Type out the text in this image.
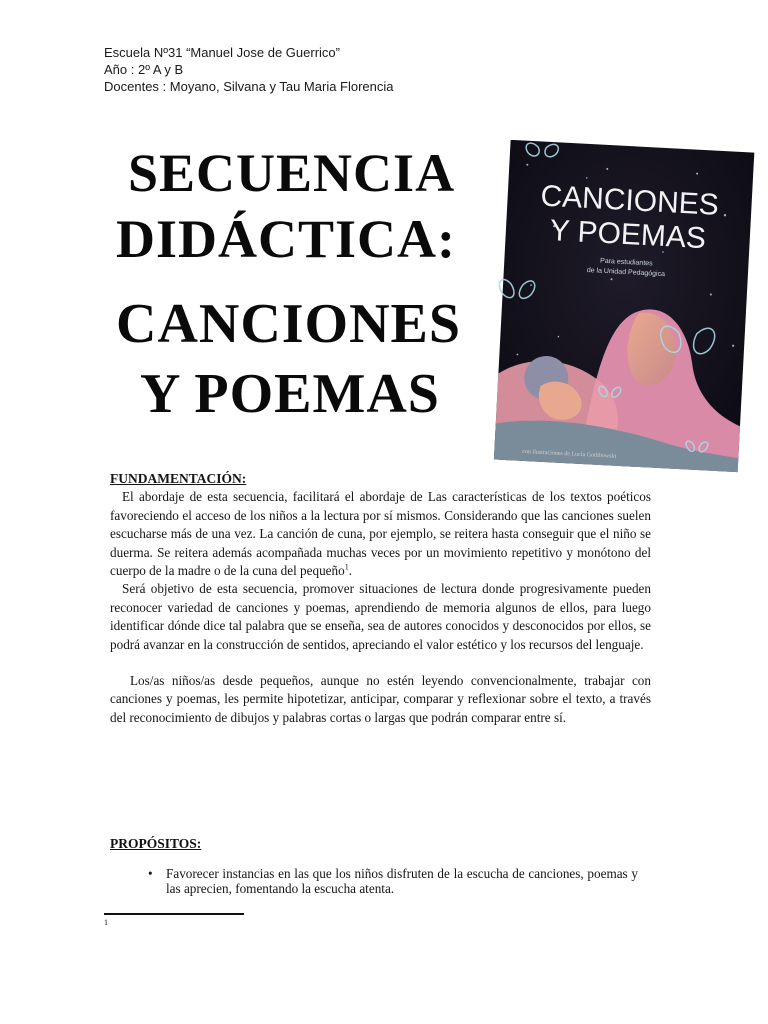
Escuela Nº31 “Manuel Jose de Guerrico”
Año : 2º A y B
Docentes : Moyano, Silvana y Tau Maria Florencia
SECUENCIA
DIDÁCTICA:
CANCIONES
Y POEMAS
CANCIONES
Y POEMAS
Para estudiantes
de la Unidad Pedagógica
con ilustraciones de Lucía Gotlibowski

FUNDAMENTACIÓN:

El abordaje de esta secuencia, facilitará el abordaje de Las características de los textos poéticos favoreciendo el acceso de los niños a la lectura por sí mismos. Considerando que las canciones suelen escucharse más de una vez. La canción de cuna, por ejemplo, se reitera hasta conseguir que el niño se duerma. Se reitera además acompañada muchas veces por un movimiento repetitivo y monótono del cuerpo de la madre o de la cuna del pequeño$^1$.

Será objetivo de esta secuencia, promover situaciones de lectura donde progresivamente pueden reconocer variedad de canciones y poemas, aprendiendo de memoria algunos de ellos, para luego identificar dónde dice tal palabra que se enseña, sea de autores conocidos y desconocidos por ellos, se podrá avanzar en la construcción de sentidos, apreciando el valor estético y los recursos del lenguaje.

Los/as niños/as desde pequeños, aunque no estén leyendo convencionalmente, trabajar con canciones y poemas, les permite hipotetizar, anticipar, comparar y reflexionar sobre el texto, a través del reconocimiento de dibujos y palabras cortas o largas que podrán comparar entre sí.

PROPÓSITOS:
• Favorecer instancias en las que los niños disfruten de la escucha de canciones, poemas y las aprecien, fomentando la escucha atenta.
1
